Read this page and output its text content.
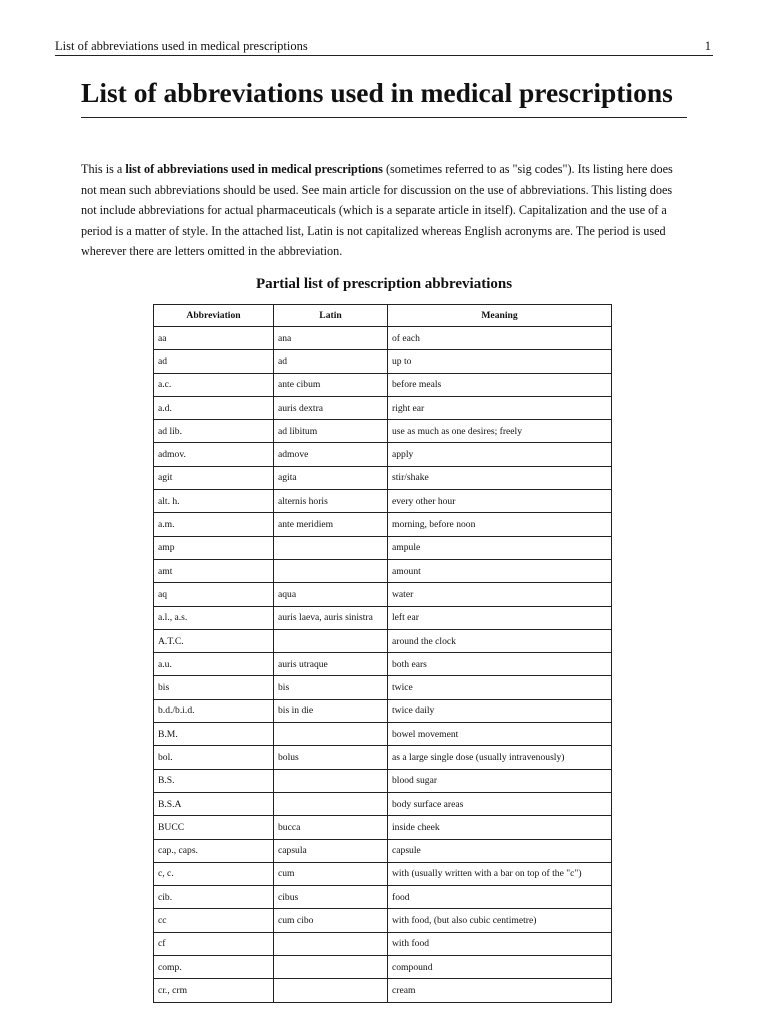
List of abbreviations used in medical prescriptions	1
List of abbreviations used in medical prescriptions

This is a list of abbreviations used in medical prescriptions (sometimes referred to as "sig codes"). Its listing here does not mean such abbreviations should be used. See main article for discussion on the use of abbreviations. This listing does not include abbreviations for actual pharmaceuticals (which is a separate article in itself). Capitalization and the use of a period is a matter of style. In the attached list, Latin is not capitalized whereas English acronyms are. The period is used wherever there are letters omitted in the abbreviation.

Partial list of prescription abbreviations
Abbreviation	Latin	Meaning
aa	ana	of each
ad	ad	up to
a.c.	ante cibum	before meals
a.d.	auris dextra	right ear
ad lib.	ad libitum	use as much as one desires; freely
admov.	admove	apply
agit	agita	stir/shake
alt. h.	alternis horis	every other hour
a.m.	ante meridiem	morning, before noon
amp		ampule
amt		amount
aq	aqua	water
a.l., a.s.	auris laeva, auris sinistra	left ear
A.T.C.		around the clock
a.u.	auris utraque	both ears
bis	bis	twice
b.d./b.i.d.	bis in die	twice daily
B.M.		bowel movement
bol.	bolus	as a large single dose (usually intravenously)
B.S.		blood sugar
B.S.A		body surface areas
BUCC	bucca	inside cheek
cap., caps.	capsula	capsule
c, c.	cum	with (usually written with a bar on top of the "c")
cib.	cibus	food
cc	cum cibo	with food, (but also cubic centimetre)
cf		with food
comp.		compound
cr., crm		cream
